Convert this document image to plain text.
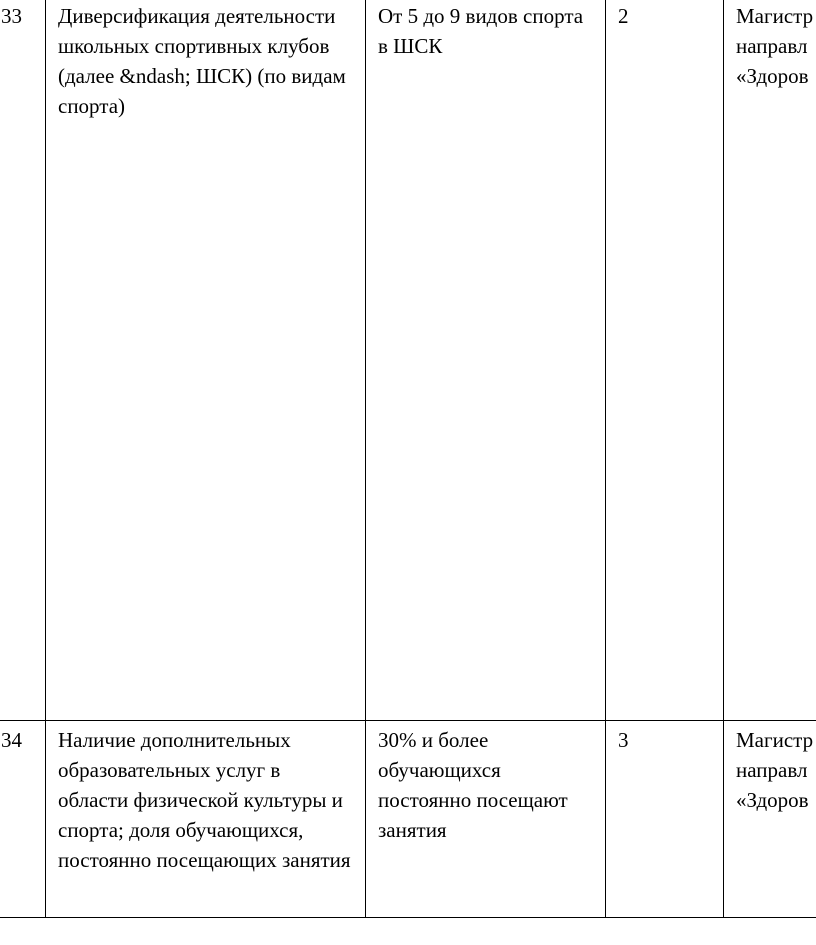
33	Диверсификация деятельности школьных спортивных клубов (далее &ndash; ШСК) (по видам спорта)	От 5 до 9 видов спорта в ШСК	2	Магистр
направл
«Здоров

34	Наличие дополнительных образовательных услуг в области физической культуры и спорта; доля обучающихся, постоянно посещающих занятия	30% и более обучающихся постоянно посещают занятия	3	Магистр
направл
«Здоров
